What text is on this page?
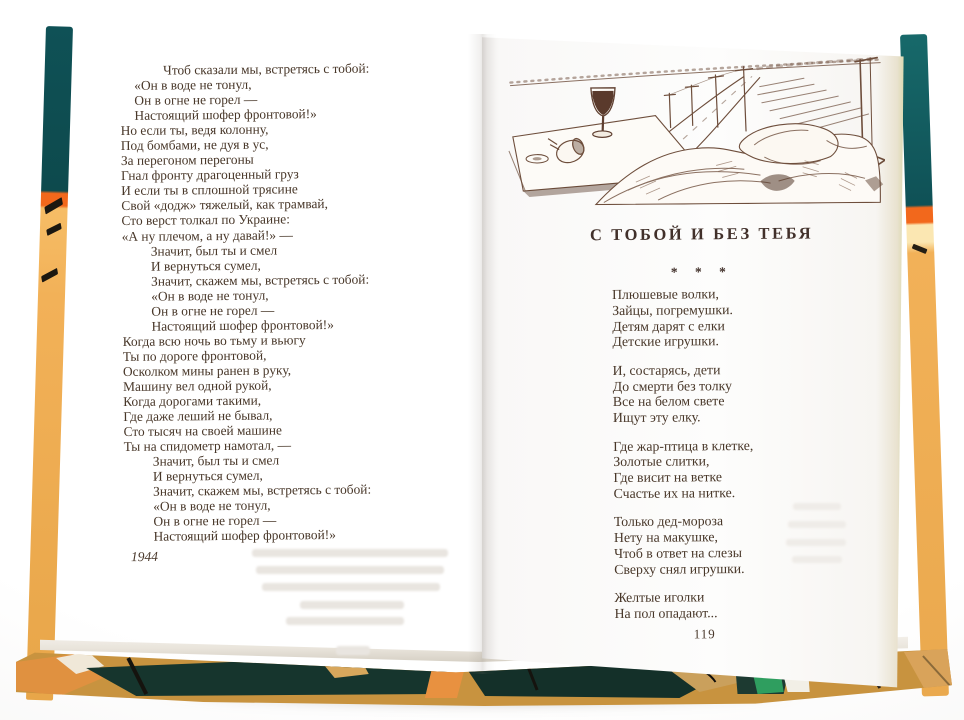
Чтоб сказали мы, встретясь с тобой:
«Он в воде не тонул,
Он в огне не горел —
Настоящий шофер фронтовой!»
Но если ты, ведя колонну,
Под бомбами, не дуя в ус,
За перегоном перегоны
Гнал фронту драгоценный груз
И если ты в сплошной трясине
Свой «додж» тяжелый, как трамвай,
Сто верст толкал по Украине:
«А ну плечом, а ну давай!» —
Значит, был ты и смел
И вернуться сумел,
Значит, скажем мы, встретясь с тобой:
«Он в воде не тонул,
Он в огне не горел —
Настоящий шофер фронтовой!»
Когда всю ночь во тьму и вьюгу
Ты по дороге фронтовой,
Осколком мины ранен в руку,
Машину вел одной рукой,
Когда дорогами такими,
Где даже леший не бывал,
Сто тысяч на своей машине
Ты на спидометр намотал, —
Значит, был ты и смел
И вернуться сумел,
Значит, скажем мы, встретясь с тобой:
«Он в воде не тонул,
Он в огне не горел —
Настоящий шофер фронтовой!»
1944
С ТОБОЙ И БЕЗ ТЕБЯ
* * *
Плюшевые волки,
Зайцы, погремушки.
Детям дарят с елки
Детские игрушки.
И, состарясь, дети
До смерти без толку
Все на белом свете
Ищут эту елку.
Где жар-птица в клетке,
Золотые слитки,
Где висит на ветке
Счастье их на нитке.
Только дед-мороза
Нету на макушке,
Чтоб в ответ на слезы
Сверху снял игрушки.
Желтые иголки
На пол опадают...
119
